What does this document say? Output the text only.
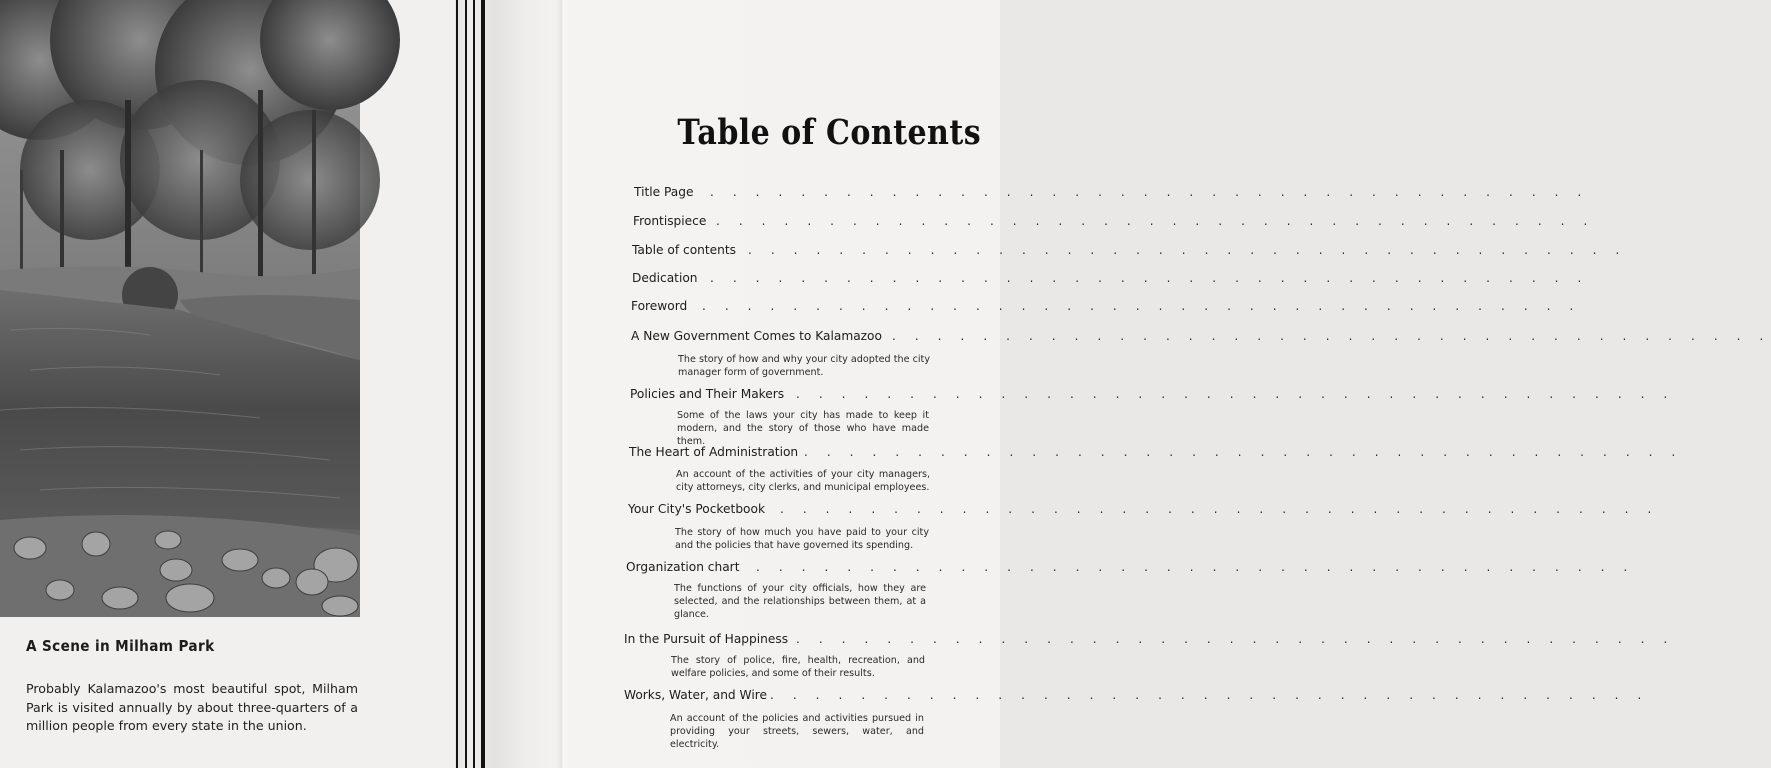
A Scene in Milham Park
Probably Kalamazoo's most beautiful spot, Milham Park is visited annually by about three-quarters of a million people from every state in the union.
Table of Contents
Title Page . . . . . . . . . . . . . . . . . . . . . . . . . . . . . . . . . . . . . . .
Frontispiece . . . . . . . . . . . . . . . . . . . . . . . . . . . . . . . . . . . . . . .
Table of contents . . . . . . . . . . . . . . . . . . . . . . . . . . . . . . . . . . . . . . .
Dedication . . . . . . . . . . . . . . . . . . . . . . . . . . . . . . . . . . . . . . .
Foreword . . . . . . . . . . . . . . . . . . . . . . . . . . . . . . . . . . . . . . .
A New Government Comes to Kalamazoo . . . . . . . . . . . . . . . . . . . . . . . . . . . . . . . . . . . . . . .
The story of how and why your city adopted the city manager form of government.
Policies and Their Makers . . . . . . . . . . . . . . . . . . . . . . . . . . . . . . . . . . . . . . .
Some of the laws your city has made to keep it modern, and the story of those who have made them.
The Heart of Administration . . . . . . . . . . . . . . . . . . . . . . . . . . . . . . . . . . . . . . .
An account of the activities of your city managers, city attorneys, city clerks, and municipal employees.
Your City's Pocketbook . . . . . . . . . . . . . . . . . . . . . . . . . . . . . . . . . . . . . . .
The story of how much you have paid to your city and the policies that have governed its spending.
Organization chart . . . . . . . . . . . . . . . . . . . . . . . . . . . . . . . . . . . . . . .
The functions of your city officials, how they are selected, and the relationships between them, at a glance.
In the Pursuit of Happiness . . . . . . . . . . . . . . . . . . . . . . . . . . . . . . . . . . . . . . .
The story of police, fire, health, recreation, and welfare policies, and some of their results.
Works, Water, and Wire . . . . . . . . . . . . . . . . . . . . . . . . . . . . . . . . . . . . . . .
An account of the policies and activities pursued in providing your streets, sewers, water, and electricity.
